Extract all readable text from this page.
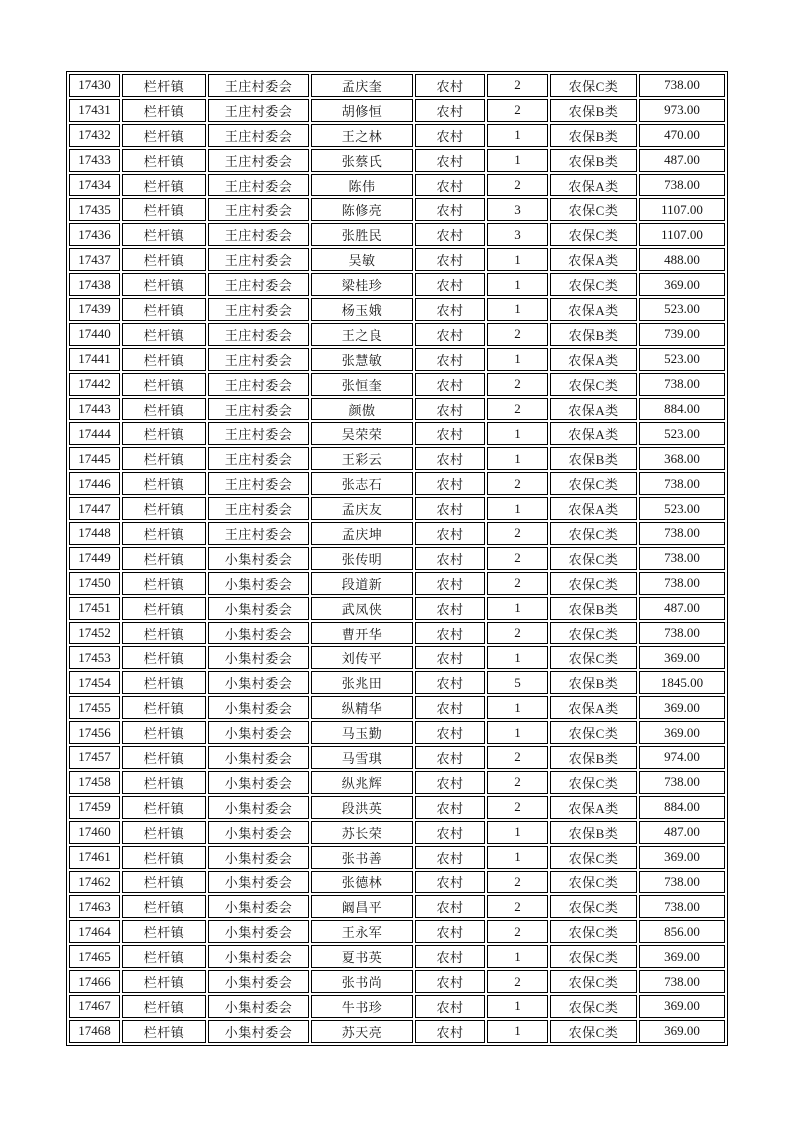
17430	栏杆镇	王庄村委会	孟庆奎	农村	2	农保C类	738.00
17431	栏杆镇	王庄村委会	胡修恒	农村	2	农保B类	973.00
17432	栏杆镇	王庄村委会	王之林	农村	1	农保B类	470.00
17433	栏杆镇	王庄村委会	张蔡氏	农村	1	农保B类	487.00
17434	栏杆镇	王庄村委会	陈伟	农村	2	农保A类	738.00
17435	栏杆镇	王庄村委会	陈修亮	农村	3	农保C类	1107.00
17436	栏杆镇	王庄村委会	张胜民	农村	3	农保C类	1107.00
17437	栏杆镇	王庄村委会	吴敏	农村	1	农保A类	488.00
17438	栏杆镇	王庄村委会	梁桂珍	农村	1	农保C类	369.00
17439	栏杆镇	王庄村委会	杨玉娥	农村	1	农保A类	523.00
17440	栏杆镇	王庄村委会	王之良	农村	2	农保B类	739.00
17441	栏杆镇	王庄村委会	张慧敏	农村	1	农保A类	523.00
17442	栏杆镇	王庄村委会	张恒奎	农村	2	农保C类	738.00
17443	栏杆镇	王庄村委会	颜傲	农村	2	农保A类	884.00
17444	栏杆镇	王庄村委会	吴荣荣	农村	1	农保A类	523.00
17445	栏杆镇	王庄村委会	王彩云	农村	1	农保B类	368.00
17446	栏杆镇	王庄村委会	张志石	农村	2	农保C类	738.00
17447	栏杆镇	王庄村委会	孟庆友	农村	1	农保A类	523.00
17448	栏杆镇	王庄村委会	孟庆坤	农村	2	农保C类	738.00
17449	栏杆镇	小集村委会	张传明	农村	2	农保C类	738.00
17450	栏杆镇	小集村委会	段道新	农村	2	农保C类	738.00
17451	栏杆镇	小集村委会	武凤侠	农村	1	农保B类	487.00
17452	栏杆镇	小集村委会	曹开华	农村	2	农保C类	738.00
17453	栏杆镇	小集村委会	刘传平	农村	1	农保C类	369.00
17454	栏杆镇	小集村委会	张兆田	农村	5	农保B类	1845.00
17455	栏杆镇	小集村委会	纵精华	农村	1	农保A类	369.00
17456	栏杆镇	小集村委会	马玉勤	农村	1	农保C类	369.00
17457	栏杆镇	小集村委会	马雪琪	农村	2	农保B类	974.00
17458	栏杆镇	小集村委会	纵兆辉	农村	2	农保C类	738.00
17459	栏杆镇	小集村委会	段洪英	农村	2	农保A类	884.00
17460	栏杆镇	小集村委会	苏长荣	农村	1	农保B类	487.00
17461	栏杆镇	小集村委会	张书善	农村	1	农保C类	369.00
17462	栏杆镇	小集村委会	张德林	农村	2	农保C类	738.00
17463	栏杆镇	小集村委会	阚昌平	农村	2	农保C类	738.00
17464	栏杆镇	小集村委会	王永军	农村	2	农保C类	856.00
17465	栏杆镇	小集村委会	夏书英	农村	1	农保C类	369.00
17466	栏杆镇	小集村委会	张书尚	农村	2	农保C类	738.00
17467	栏杆镇	小集村委会	牛书珍	农村	1	农保C类	369.00
17468	栏杆镇	小集村委会	苏天亮	农村	1	农保C类	369.00
